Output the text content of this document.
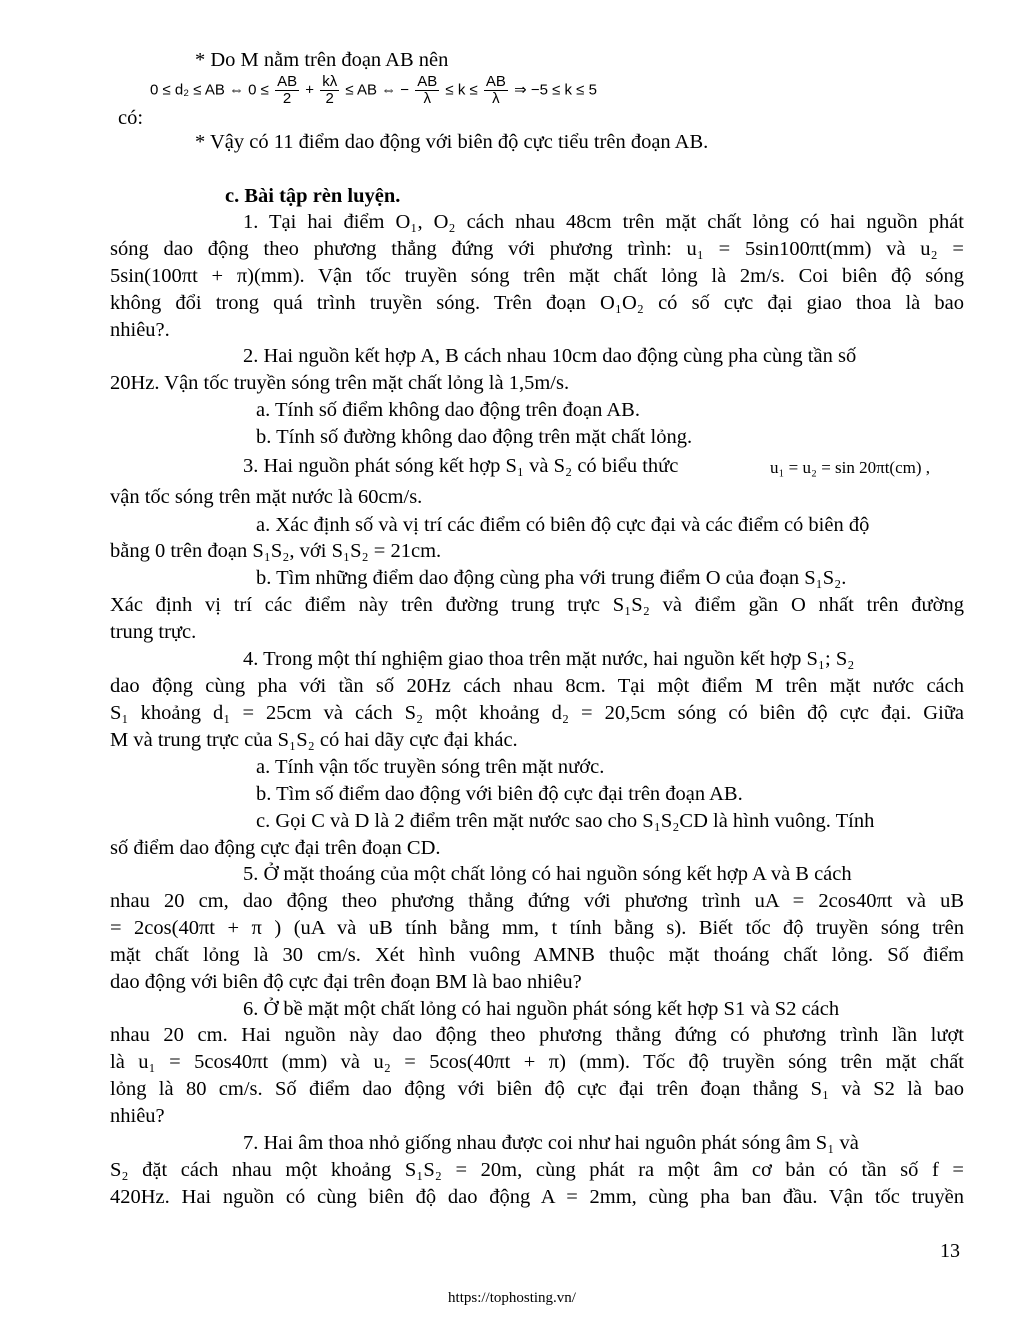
* Do M nằm trên đoạn AB nên
có:
* Vậy có 11 điểm dao động với biên độ cực tiểu trên đoạn AB.
c. Bài tập rèn luyện.
1. Tại hai điểm O₁, O₂ cách nhau 48cm trên mặt chất lỏng có hai nguồn phát
sóng dao động theo phương thẳng đứng với phương trình: u₁ = 5sin100πt(mm) và u₂ =
5sin(100πt + π)(mm). Vận tốc truyền sóng trên mặt chất lỏng là 2m/s. Coi biên độ sóng
không đổi trong quá trình truyền sóng. Trên đoạn O₁O₂ có số cực đại giao thoa là bao
nhiêu?.
2. Hai nguồn kết hợp A, B cách nhau 10cm dao động cùng pha cùng tần số
20Hz. Vận tốc truyền sóng trên mặt chất lỏng là 1,5m/s.
a. Tính số điểm không dao động trên đoạn AB.
b. Tính số đường không dao động trên mặt chất lỏng.
3. Hai nguồn phát sóng kết hợp S₁ và S₂ có biểu thức
vận tốc sóng trên mặt nước là 60cm/s.
a. Xác định số và vị trí các điểm có biên độ cực đại và các điểm có biên độ
bằng 0 trên đoạn S₁S₂, với S₁S₂ = 21cm.
b. Tìm những điểm dao động cùng pha với trung điểm O của đoạn S₁S₂.
Xác định vị trí các điểm này trên đường trung trực S₁S₂ và điểm gần O nhất trên đường
trung trực.
4. Trong một thí nghiệm giao thoa trên mặt nước, hai nguồn kết hợp S₁; S₂
dao động cùng pha với tần số 20Hz cách nhau 8cm. Tại một điểm M trên mặt nước cách
S₁ khoảng d₁ = 25cm và cách S₂ một khoảng d₂ = 20,5cm sóng có biên độ cực đại. Giữa
M và trung trực của S₁S₂ có hai dãy cực đại khác.
a. Tính vận tốc truyền sóng trên mặt nước.
b. Tìm số điểm dao động với biên độ cực đại trên đoạn AB.
c. Gọi C và D là 2 điểm trên mặt nước sao cho S₁S₂CD là hình vuông. Tính
số điểm dao động cực đại trên đoạn CD.
5. Ở mặt thoáng của một chất lỏng có hai nguồn sóng kết hợp A và B cách
nhau 20 cm, dao động theo phương thẳng đứng với phương trình uA = 2cos40πt và uB
= 2cos(40πt + π ) (uA và uB tính bằng mm, t tính bằng s). Biết tốc độ truyền sóng trên
mặt chất lỏng là 30 cm/s. Xét hình vuông AMNB thuộc mặt thoáng chất lỏng. Số điểm
dao động với biên độ cực đại trên đoạn BM là bao nhiêu?
6. Ở bề mặt một chất lỏng có hai nguồn phát sóng kết hợp S1 và S2 cách
nhau 20 cm. Hai nguồn này dao động theo phương thẳng đứng có phương trình lần lượt
là u₁ = 5cos40πt (mm) và u₂ = 5cos(40πt + π) (mm). Tốc độ truyền sóng trên mặt chất
lỏng là 80 cm/s. Số điểm dao động với biên độ cực đại trên đoạn thẳng S₁ và S2 là bao
nhiêu?
7. Hai âm thoa nhỏ giống nhau được coi như hai nguôn phát sóng âm S₁ và
S₂ đặt cách nhau một khoảng S₁S₂ = 20m, cùng phát ra một âm cơ bản có tần số f =
420Hz. Hai nguồn có cùng biên độ dao động A = 2mm, cùng pha ban đầu. Vận tốc truyền
0 ≤ d₂ ≤ AB ⇔ $0 \le \frac{AB}{2} + \frac{k\lambda}{2}$ ≤ AB ⇔ − $\frac{AB}{\lambda} \le k \le \frac{AB}{\lambda}$ ⇒ −5 ≤ k ≤ 5
u₁ = u₂ = sin 20πt(cm) ,
13
https://tophosting.vn/
